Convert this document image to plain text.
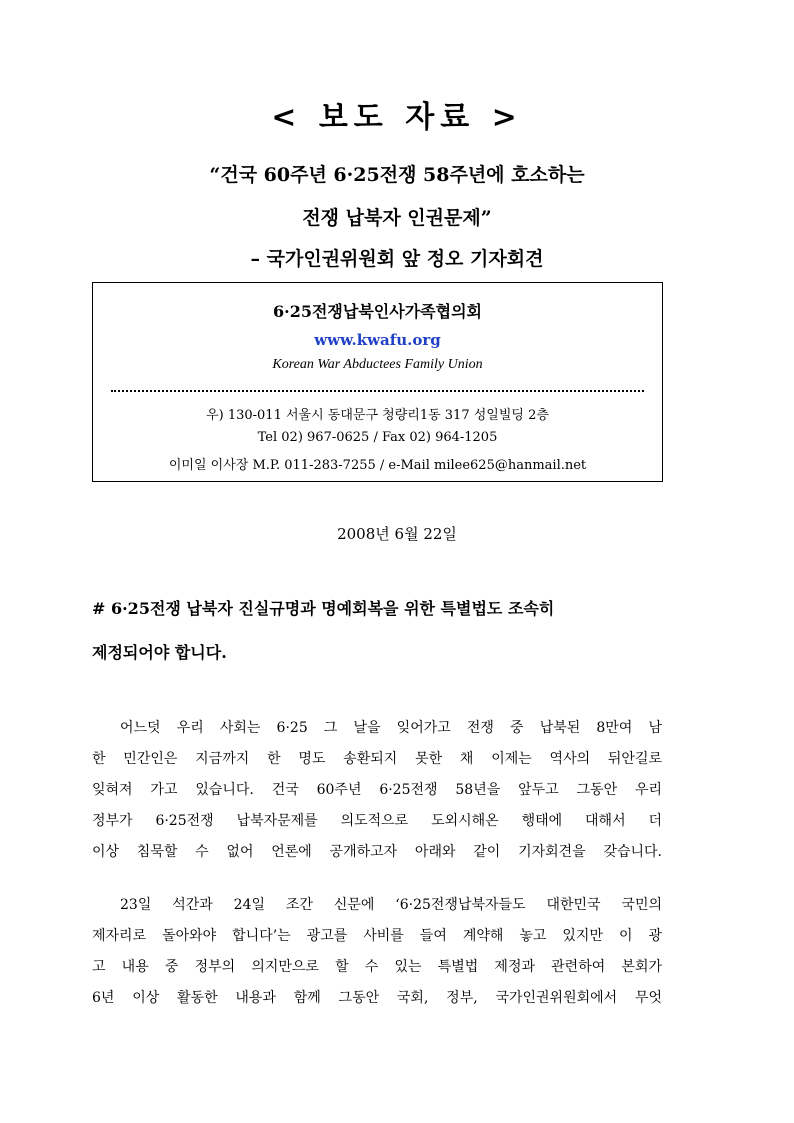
< 보도 자료 >
“건국 60주년 6·25전쟁 58주년에 호소하는
전쟁 납북자 인권문제”
– 국가인권위원회 앞 정오 기자회견
6·25전쟁납북인사가족협의회
www.kwafu.org
Korean War Abductees Family Union
우) 130-011 서울시 동대문구 청량리1동 317 성일빌딩 2층
Tel 02) 967-0625 / Fax 02) 964-1205
이미일 이사장 M.P. 011-283-7255 / e-Mail milee625@hanmail.net
2008년 6월 22일
# 6·25전쟁 납북자 진실규명과 명예회복을 위한 특별법도 조속히
제정되어야 합니다.
어느덧 우리 사회는 6·25 그 날을 잊어가고 전쟁 중 납북된 8만여 남
한 민간인은 지금까지 한 명도 송환되지 못한 채 이제는 역사의 뒤안길로
잊혀져 가고 있습니다. 건국 60주년 6·25전쟁 58년을 앞두고 그동안 우리
정부가 6·25전쟁 납북자문제를 의도적으로 도외시해온 행태에 대해서 더
이상 침묵할 수 없어 언론에 공개하고자 아래와 같이 기자회견을 갖습니다.
23일 석간과 24일 조간 신문에 ‘6·25전쟁납북자들도 대한민국 국민의
제자리로 돌아와야 합니다’는 광고를 사비를 들여 계약해 놓고 있지만 이 광
고 내용 중 정부의 의지만으로 할 수 있는 특별법 제정과 관련하여 본회가
6년 이상 활동한 내용과 함께 그동안 국회, 정부, 국가인권위원회에서 무엇
